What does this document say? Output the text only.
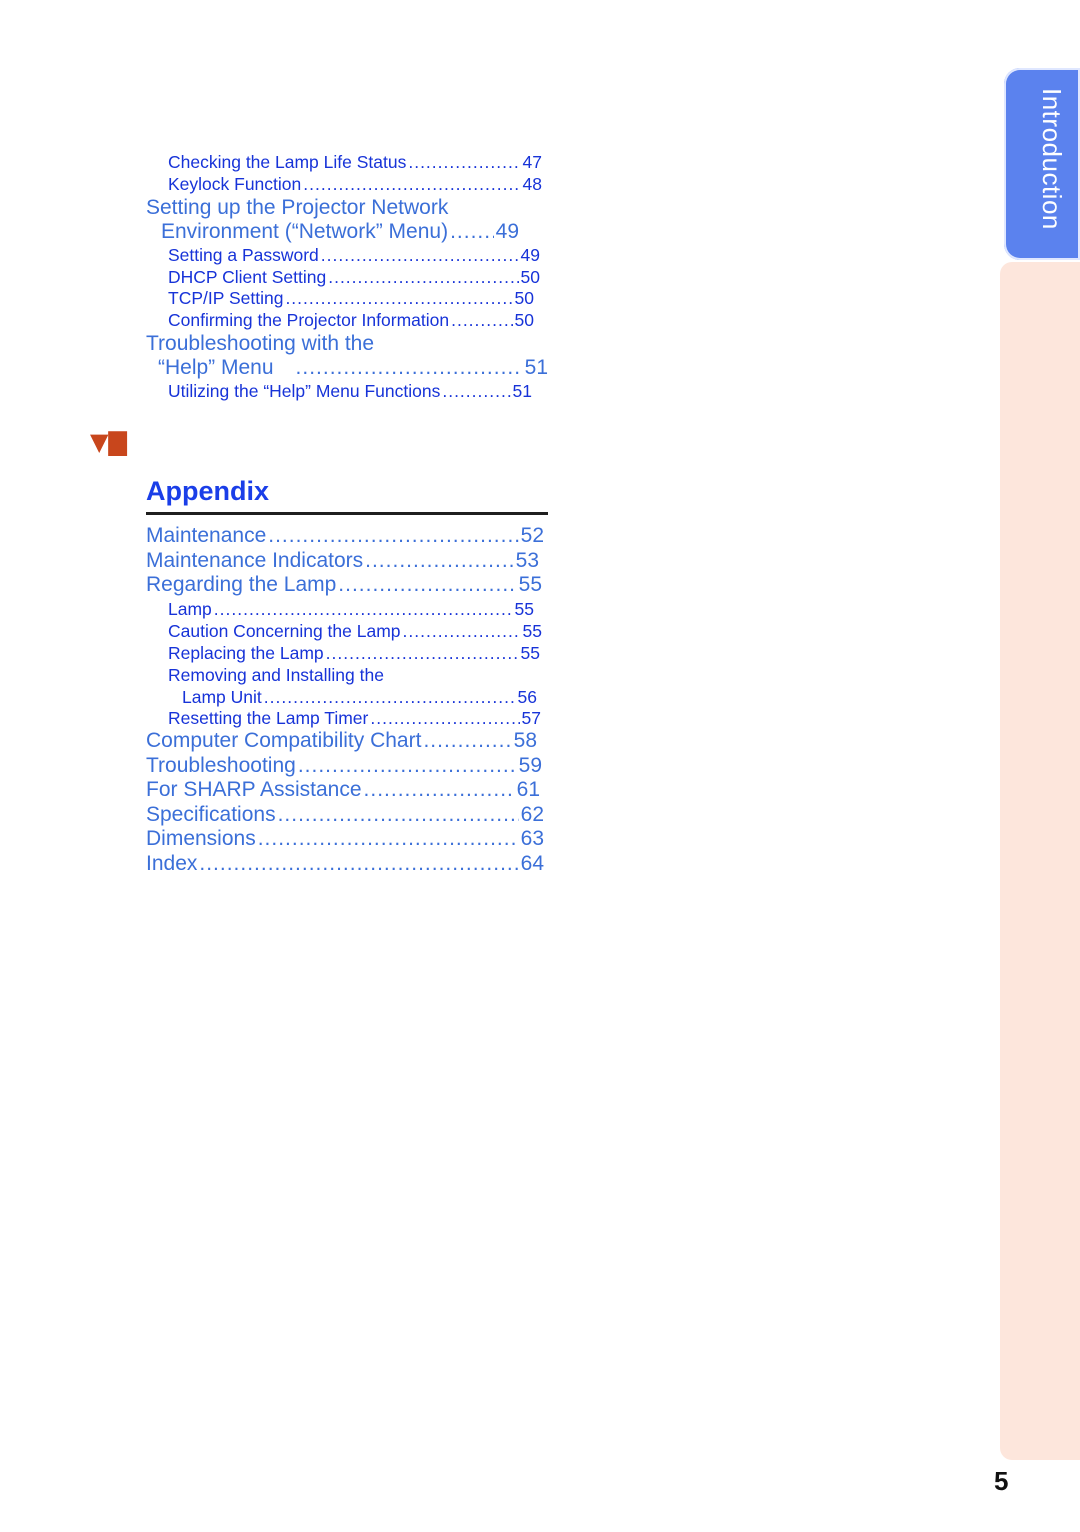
Introduction
Checking the Lamp Life Status .....	47
Keylock Function .....	48
Setting up the Projector Network
Environment (“Network” Menu) ..... 49
Setting a Password .....	49
DHCP Client Setting .....	50
TCP/IP Setting .....	50
Confirming the Projector Information .....	50
Troubleshooting with the
“Help” Menu .....	51
Utilizing the “Help” Menu Functions .....	51
▼▇
Appendix
Maintenance .....	52
Maintenance Indicators .....	53
Regarding the Lamp .....	55
Lamp .....	55
Caution Concerning the Lamp .....	55
Replacing the Lamp .....	55
Removing and Installing the
Lamp Unit .....	56
Resetting the Lamp Timer .....	57
Computer Compatibility Chart .....	58
Troubleshooting .....	59
For SHARP Assistance .....	61
Specifications .....	62
Dimensions .....	63
Index .....	64
5
